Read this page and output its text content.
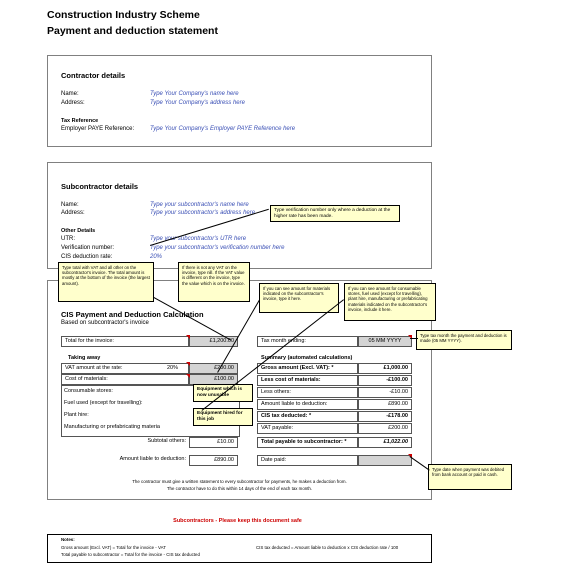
Construction Industry Scheme
Payment and deduction statement
Contractor details
Name:	Type Your Company's name here
Address:	Type Your Company's address here
Tax Reference
Employer PAYE Reference:	Type Your Company's Employer PAYE Reference here
Subcontractor details
Name:	Type your subcontractor's name here
Address:	Type your subcontractor's address here
Other Details
UTR:	Type your subcontractor's UTR here
Verification number:	Type your subcontractor's verification number here
CIS deduction rate:	20%
CIS Payment and Deduction Calculation
Based on subcontractor's invoice
Total for the invoice:	£1,200.00	Tax month ending:	05 MM YYYY
Taking away	Summary (automated calculations)
VAT amount at the rate:	20%	£200.00
Cost of materials:	£100.00
Consumable stores:
Fuel used (except for travelling):
Plant hire:
Manufacturing or prefabricating materia
Subtotal others:	£10.00
Amount liable to deduction:	£890.00
Gross amount (Excl. VAT): *	£1,000.00
Less cost of materials:	-£100.00
Less others:	-£10.00
Amount liable to deduction:	£890.00
CIS tax deducted: *	-£178.00
VAT payable:	£200.00
Total payable to subcontractor: *	£1,022.00
Date paid:
The contractor must give a written statement to every subcontractor for payments, he makes a deduction from.
The contractor have to do this within 14 days of the end of each tax month.
Subcontractors - Please keep this document safe
Notes:
Gross amount (Excl. VAT) = Total for the invoice - VAT
Total payable to subcontractor = Total for the invoice - CIS tax deducted
CIS tax deducted = Amount liable to deduction x CIS deduction rate / 100
Type verification number only where a deduction at the higher rate has been made.
Type total with VAT and all other on the subcontractor's invoice. The total amount is mostly at the bottom of the invoice (the largest amount).
If there is not any VAT on the invoice, type nill. If the VAT value is different on the invoice, type the value which is on the invoice.
If you can see amount for materials indicated on the subcontractor's invoice, type it here.
If you can see amount for consumable stores, fuel used (except for travelling), plant hire, manufacturing or prefabricating materials indicated on the subcontractor's invoice, include it here.
Type tax month the payment and deduction is made (05 MM YYYY).
Type date when payment was debited from bank account or paid in cash.
Equipment which is now unusable
Equipment hired for this job
